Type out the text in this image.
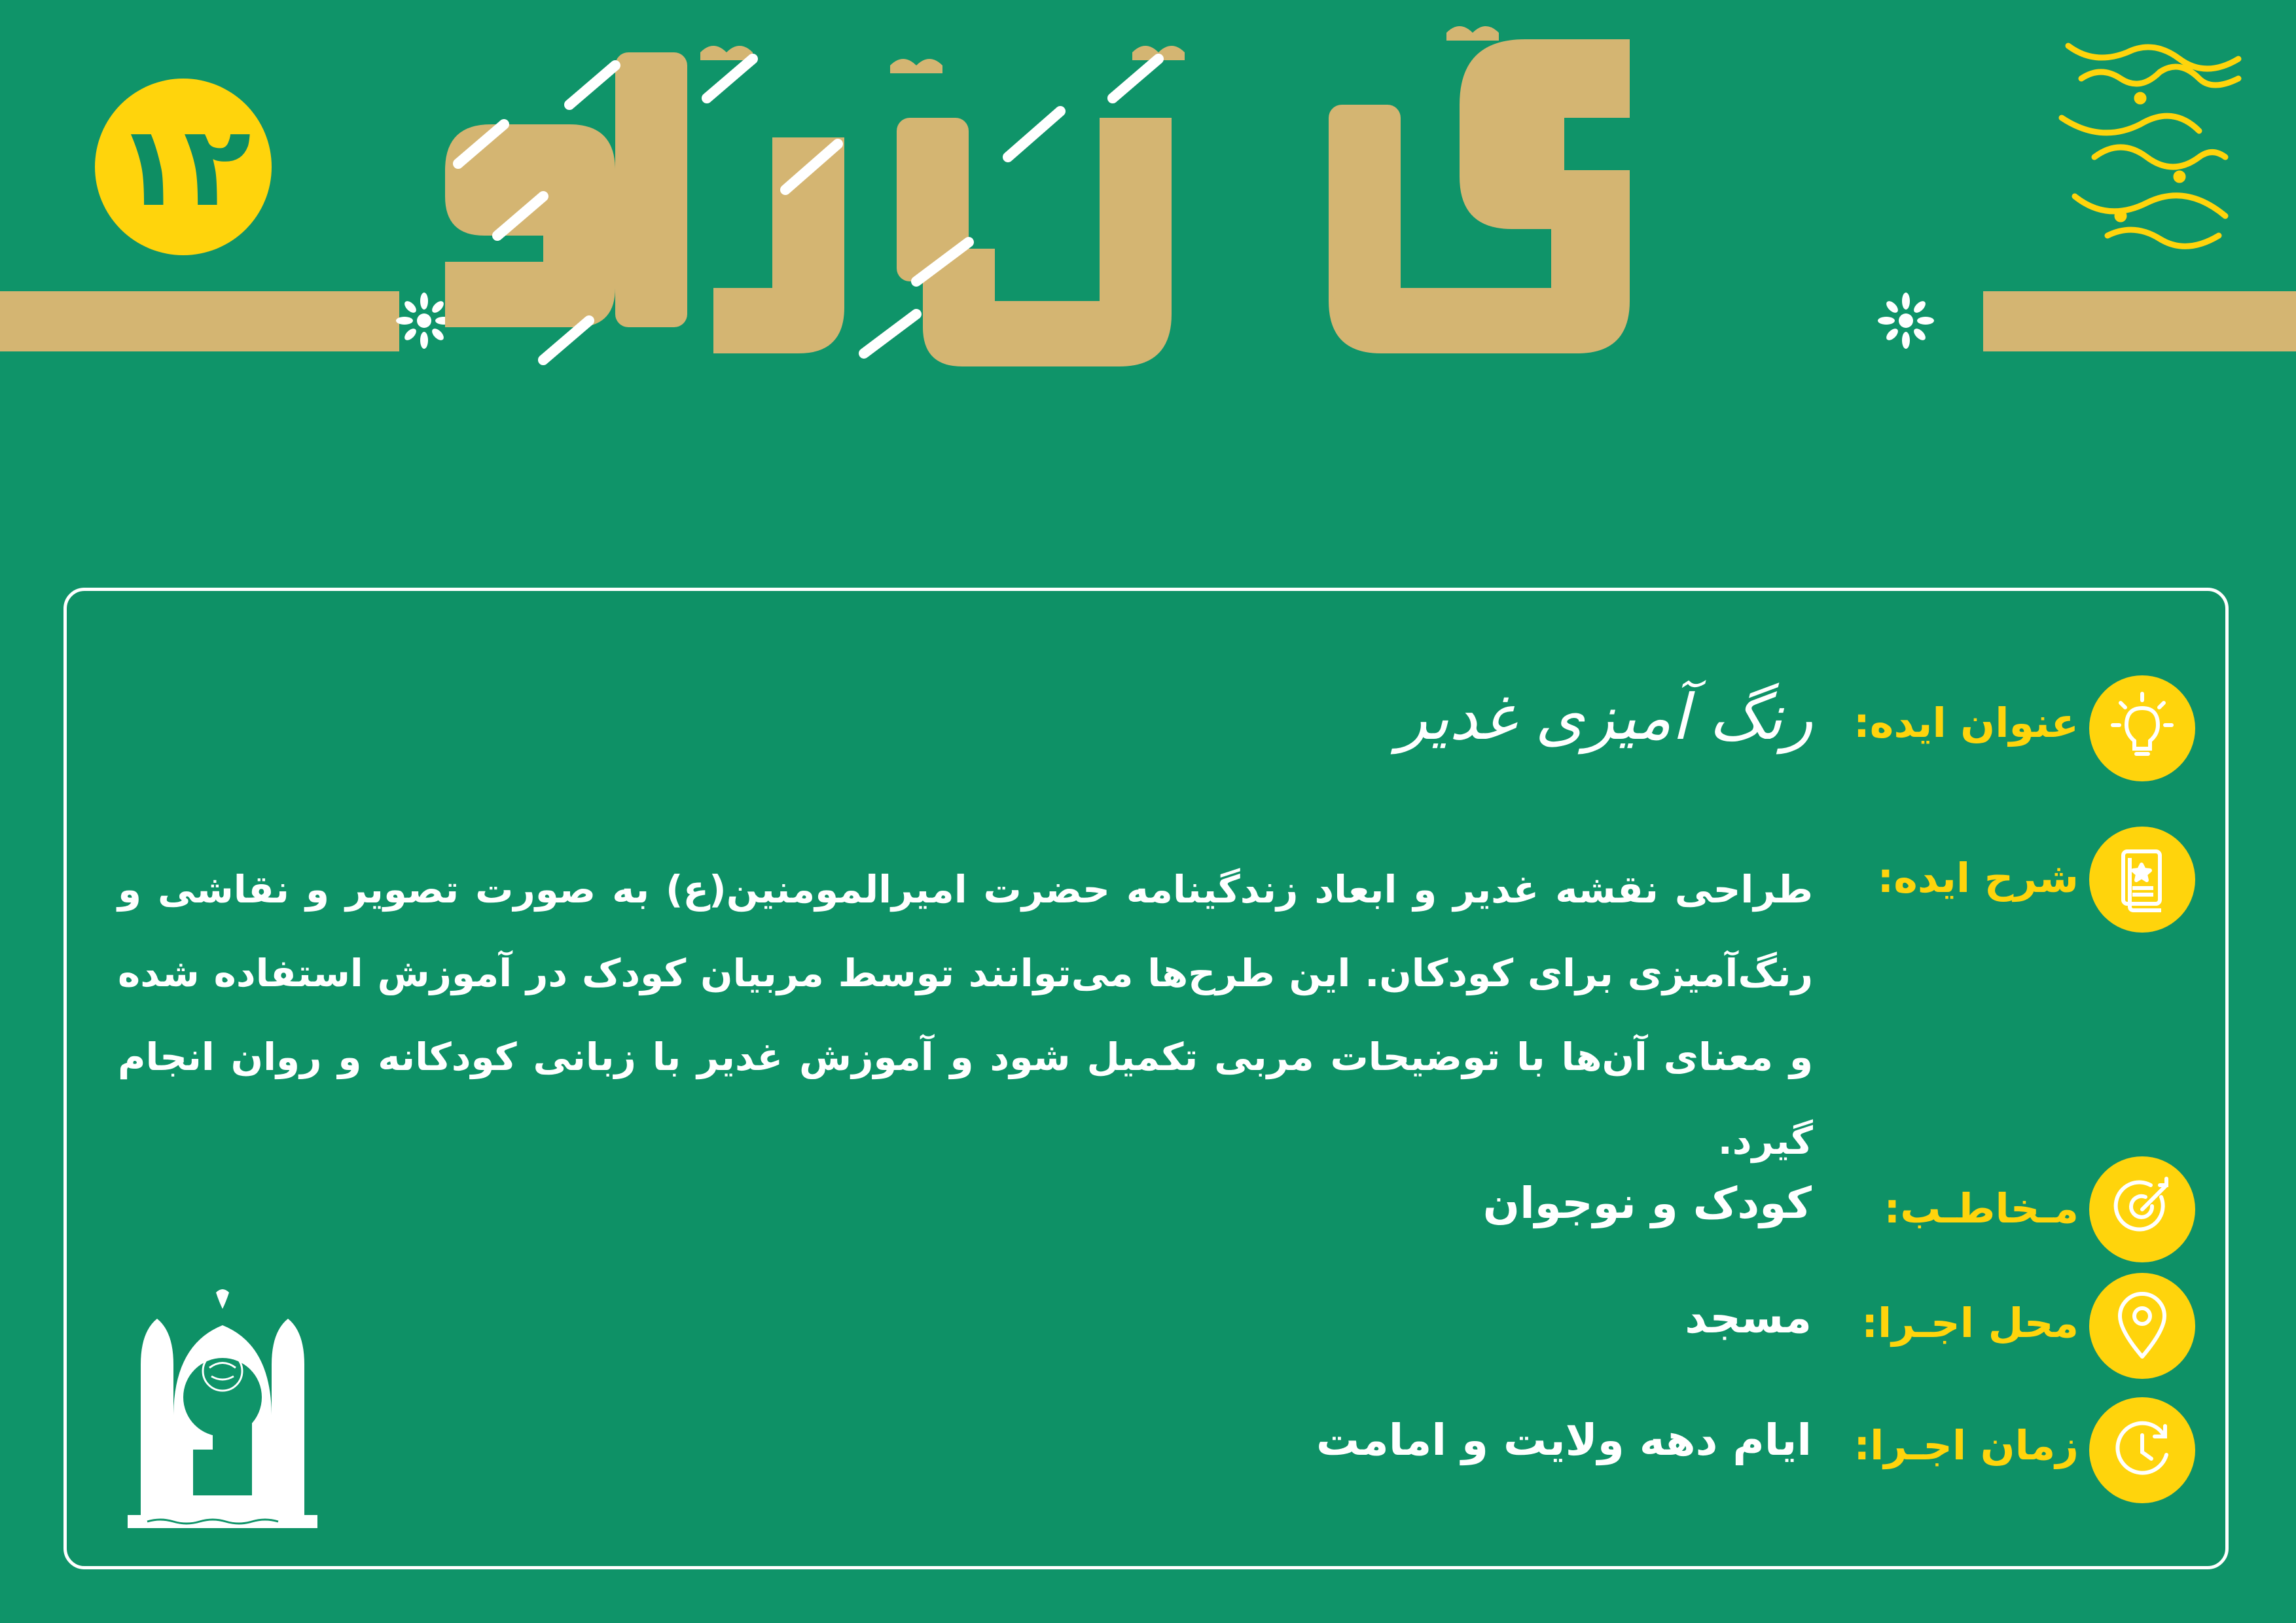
۱۲
عنوان ایده:
رنگ آمیزی غدیر
شرح ایده:
طراحی نقشه غدیر و ابعاد زندگینامه حضرت امیرالمومنین(ع) به صورت تصویر و نقاشی و رنگ‌آمیزی برای کودکان. این طرح‌ها می‌توانند توسط مربیان کودک در آموزش استفاده شده و معنای آن‌ها با توضیحات مربی تکمیل شود و آموزش غدیر با زبانی کودکانه و روان انجام گیرد.
مـخاطـب:
کودک و نوجوان
محل اجـرا:
مسجد
زمان اجـرا:
ایام دهه ولایت و امامت
